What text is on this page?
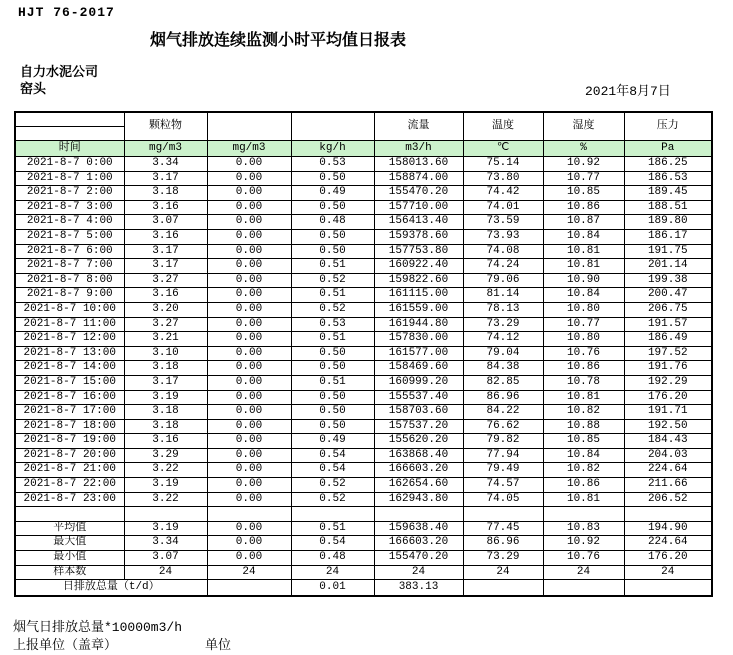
HJT 76-2017
烟气排放连续监测小时平均值日报表
自力水泥公司
窑头	2021年8月7日
	颗粒物			流量	温度	湿度	压力

时间	mg/m3	mg/m3	kg/h	m3/h	℃	%	Pa
2021-8-7 0:00	3.34	0.00	0.53	158013.60	75.14	10.92	186.25
2021-8-7 1:00	3.17	0.00	0.50	158874.00	73.80	10.77	186.53
2021-8-7 2:00	3.18	0.00	0.49	155470.20	74.42	10.85	189.45
2021-8-7 3:00	3.16	0.00	0.50	157710.00	74.01	10.86	188.51
2021-8-7 4:00	3.07	0.00	0.48	156413.40	73.59	10.87	189.80
2021-8-7 5:00	3.16	0.00	0.50	159378.60	73.93	10.84	186.17
2021-8-7 6:00	3.17	0.00	0.50	157753.80	74.08	10.81	191.75
2021-8-7 7:00	3.17	0.00	0.51	160922.40	74.24	10.81	201.14
2021-8-7 8:00	3.27	0.00	0.52	159822.60	79.06	10.90	199.38
2021-8-7 9:00	3.16	0.00	0.51	161115.00	81.14	10.84	200.47
2021-8-7 10:00	3.20	0.00	0.52	161559.00	78.13	10.80	206.75
2021-8-7 11:00	3.27	0.00	0.53	161944.80	73.29	10.77	191.57
2021-8-7 12:00	3.21	0.00	0.51	157830.00	74.12	10.80	186.49
2021-8-7 13:00	3.10	0.00	0.50	161577.00	79.04	10.76	197.52
2021-8-7 14:00	3.18	0.00	0.50	158469.60	84.38	10.86	191.76
2021-8-7 15:00	3.17	0.00	0.51	160999.20	82.85	10.78	192.29
2021-8-7 16:00	3.19	0.00	0.50	155537.40	86.96	10.81	176.20
2021-8-7 17:00	3.18	0.00	0.50	158703.60	84.22	10.82	191.71
2021-8-7 18:00	3.18	0.00	0.50	157537.20	76.62	10.88	192.50
2021-8-7 19:00	3.16	0.00	0.49	155620.20	79.82	10.85	184.43
2021-8-7 20:00	3.29	0.00	0.54	163868.40	77.94	10.84	204.03
2021-8-7 21:00	3.22	0.00	0.54	166603.20	79.49	10.82	224.64
2021-8-7 22:00	3.19	0.00	0.52	162654.60	74.57	10.86	211.66
2021-8-7 23:00	3.22	0.00	0.52	162943.80	74.05	10.81	206.52

平均值	3.19	0.00	0.51	159638.40	77.45	10.83	194.90
最大值	3.34	0.00	0.54	166603.20	86.96	10.92	224.64
最小值	3.07	0.00	0.48	155470.20	73.29	10.76	176.20
样本数	24	24	24	24	24	24	24
日排放总量（t/d）			0.01	383.13			
烟气日排放总量*10000m3/h
上报单位（盖章）	单位
